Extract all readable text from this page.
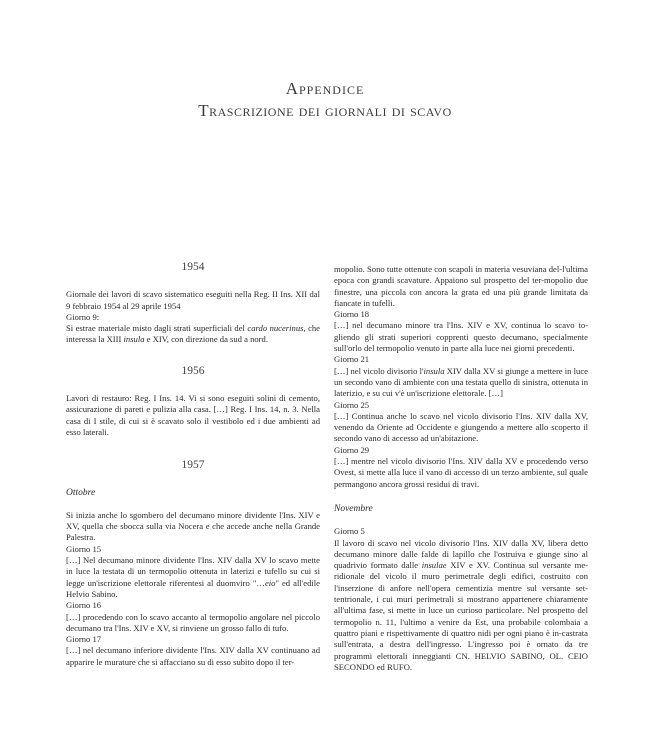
Appendice
Trascrizione dei giornali di scavo
1954

Giornale dei lavori di scavo sistematico eseguiti nella Reg. II Ins. XII dal 9 febbraio 1954 al 29 aprile 1954

Giorno 9:

Si estrae materiale misto dagli strati superficiali del cardo nucerinus, che interessa la XIII insula e XIV, con direzione da sud a nord.

1956

Lavori di restauro: Reg. I Ins. 14. Vi si sono eseguiti solini di cemento, assicurazione di pareti e pulizia alla casa. […] Reg. I Ins. 14, n. 3. Nella casa di I stile, di cui si è scavato solo il vestibolo ed i due ambienti ad esso laterali.

1957
Ottobre

Si inizia anche lo sgombero del decumano minore dividente l'Ins. XIV e XV, quella che sbocca sulla via Nocera e che accede anche nella Grande Palestra.

Giorno 15

[…] Nel decumano minore dividente l'Ins. XIV dalla XV lo scavo mette in luce la testata di un termopolio ottenuta in laterizi e tufello su cui si legge un'iscrizione elettorale riferentesi al duomviro "…eio" ed all'edile Helvio Sabino.

Giorno 16

[…] procedendo con lo scavo accanto al termopolio angolare nel piccolo decumano tra l'Ins. XIV e XV, si rinviene un grosso fallo di tufo.

Giorno 17

[…] nel decumano inferiore dividente l'Ins. XIV dalla XV continuano ad apparire le murature che si affacciano su di esso subito dopo il ter-

mopolio. Sono tutte ottenute con scapoli in materia vesuviana del-l'ultima epoca con grandi scavature. Appaiono sul prospetto del ter-mopolio due finestre, una piccola con ancora la grata ed una più grande limitata da fiancate in tufelli.

Giorno 18

[…] nel decumano minore tra l'Ins. XIV e XV, continua lo scavo to-gliendo gli strati superiori copprenti questo decumano, specialmente sull'orlo del termopolio venuto in parte alla luce nei giorni precedenti.

Giorno 21

[…] nel vicolo divisorio l'insula XIV dalla XV si giunge a mettere in luce un secondo vano di ambiente con una testata quello di sinistra, ottenuta in laterizio, e su cui v'è un'iscrizione elettorale. […]

Giorno 25

[…] Continua anche lo scavo nel vicolo divisorio l'Ins. XIV dalla XV, venendo da Oriente ad Occidente e giungendo a mettere allo scoperto il secondo vano di accesso ad un'abitazione.

Giorno 29

[…] mentre nel vicolo divisorio l'Ins. XIV dalla XV e procedendo verso Ovest, si mette alla luce il vano di accesso di un terzo ambiente, sul quale permangono ancora grossi residui di travi.

Novembre

Giorno 5

Il lavoro di scavo nel vicolo divisorio l'Ins. XIV dalla XV, libera detto decumano minore dalle falde di lapillo che l'ostruiva e giunge sino al quadrivio formato dalle insulae XIV e XV. Continua sul versante me-ridionale del vicolo il muro perimetrale degli edifici, costruito con l'inserzione di anfore nell'opera cementizia mentre sul versante set-tentrionale, i cui muri perimetrali si mostrano appartenere chiaramente all'ultima fase, si mette in luce un curioso particolare. Nel prospetto del termopolio n. 11, l'ultimo a venire da Est, una probabile colombaia a quattro piani e rispettivamente di quattro nidi per ogni piano è in-castrata sull'entrata, a destra dell'ingresso. L'ingresso poi è ornato da tre programmi elettorali inneggianti CN. HELVIO SABINO, OL. CEIO SECONDO ed RUFO.
